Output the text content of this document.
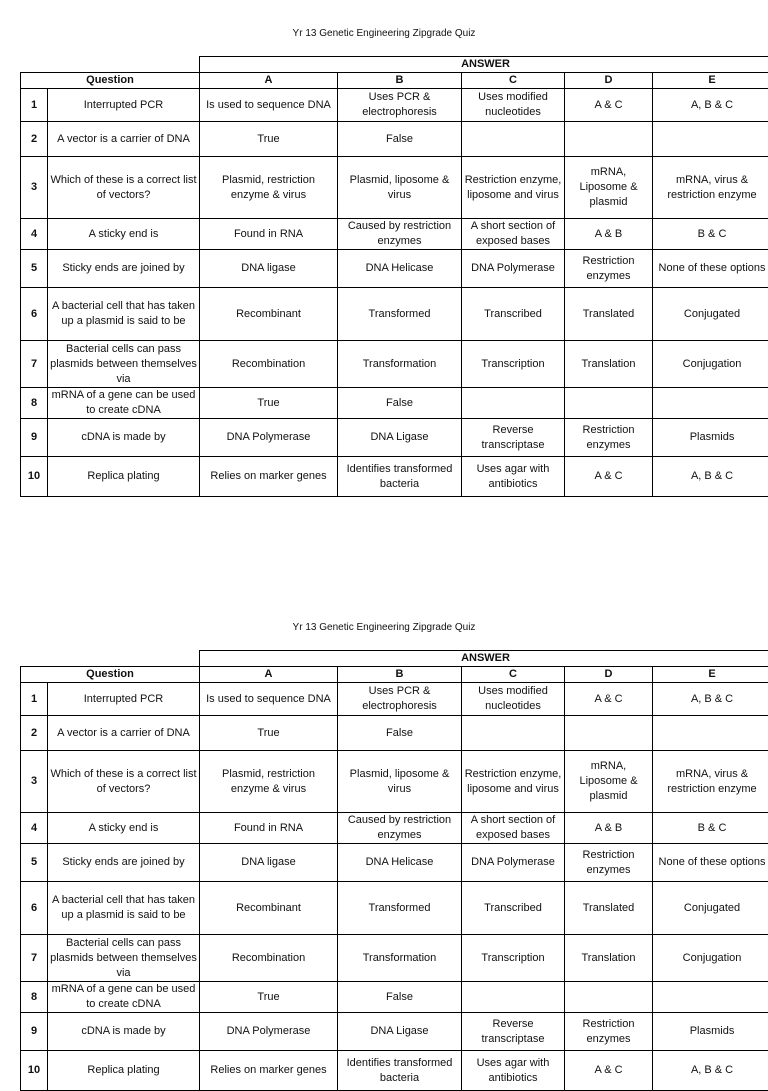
Yr 13 Genetic Engineering Zipgrade Quiz
		ANSWER				
Question		A	B	C	D	E
1	Interrupted PCR	Is used to sequence DNA	Uses PCR & electrophoresis	Uses modified nucleotides	A & C	A, B & C
2	A vector is a carrier of DNA	True	False			
3	Which of these is a correct list of vectors?	Plasmid, restriction enzyme & virus	Plasmid, liposome & virus	Restriction enzyme, liposome and virus	mRNA, Liposome & plasmid	mRNA, virus & restriction enzyme
4	A sticky end is	Found in RNA	Caused by restriction enzymes	A short section of exposed bases	A & B	B & C
5	Sticky ends are joined by	DNA ligase	DNA Helicase	DNA Polymerase	Restriction enzymes	None of these options
6	A bacterial cell that has taken up a plasmid is said to be	Recombinant	Transformed	Transcribed	Translated	Conjugated
7	Bacterial cells can pass plasmids between themselves via	Recombination	Transformation	Transcription	Translation	Conjugation
8	mRNA of a gene can be used to create cDNA	True	False			
9	cDNA is made by	DNA Polymerase	DNA Ligase	Reverse transcriptase	Restriction enzymes	Plasmids
10	Replica plating	Relies on marker genes	Identifies transformed bacteria	Uses agar with antibiotics	A & C	A, B & C
Yr 13 Genetic Engineering Zipgrade Quiz
		ANSWER				
Question		A	B	C	D	E
1	Interrupted PCR	Is used to sequence DNA	Uses PCR & electrophoresis	Uses modified nucleotides	A & C	A, B & C
2	A vector is a carrier of DNA	True	False			
3	Which of these is a correct list of vectors?	Plasmid, restriction enzyme & virus	Plasmid, liposome & virus	Restriction enzyme, liposome and virus	mRNA, Liposome & plasmid	mRNA, virus & restriction enzyme
4	A sticky end is	Found in RNA	Caused by restriction enzymes	A short section of exposed bases	A & B	B & C
5	Sticky ends are joined by	DNA ligase	DNA Helicase	DNA Polymerase	Restriction enzymes	None of these options
6	A bacterial cell that has taken up a plasmid is said to be	Recombinant	Transformed	Transcribed	Translated	Conjugated
7	Bacterial cells can pass plasmids between themselves via	Recombination	Transformation	Transcription	Translation	Conjugation
8	mRNA of a gene can be used to create cDNA	True	False			
9	cDNA is made by	DNA Polymerase	DNA Ligase	Reverse transcriptase	Restriction enzymes	Plasmids
10	Replica plating	Relies on marker genes	Identifies transformed bacteria	Uses agar with antibiotics	A & C	A, B & C
